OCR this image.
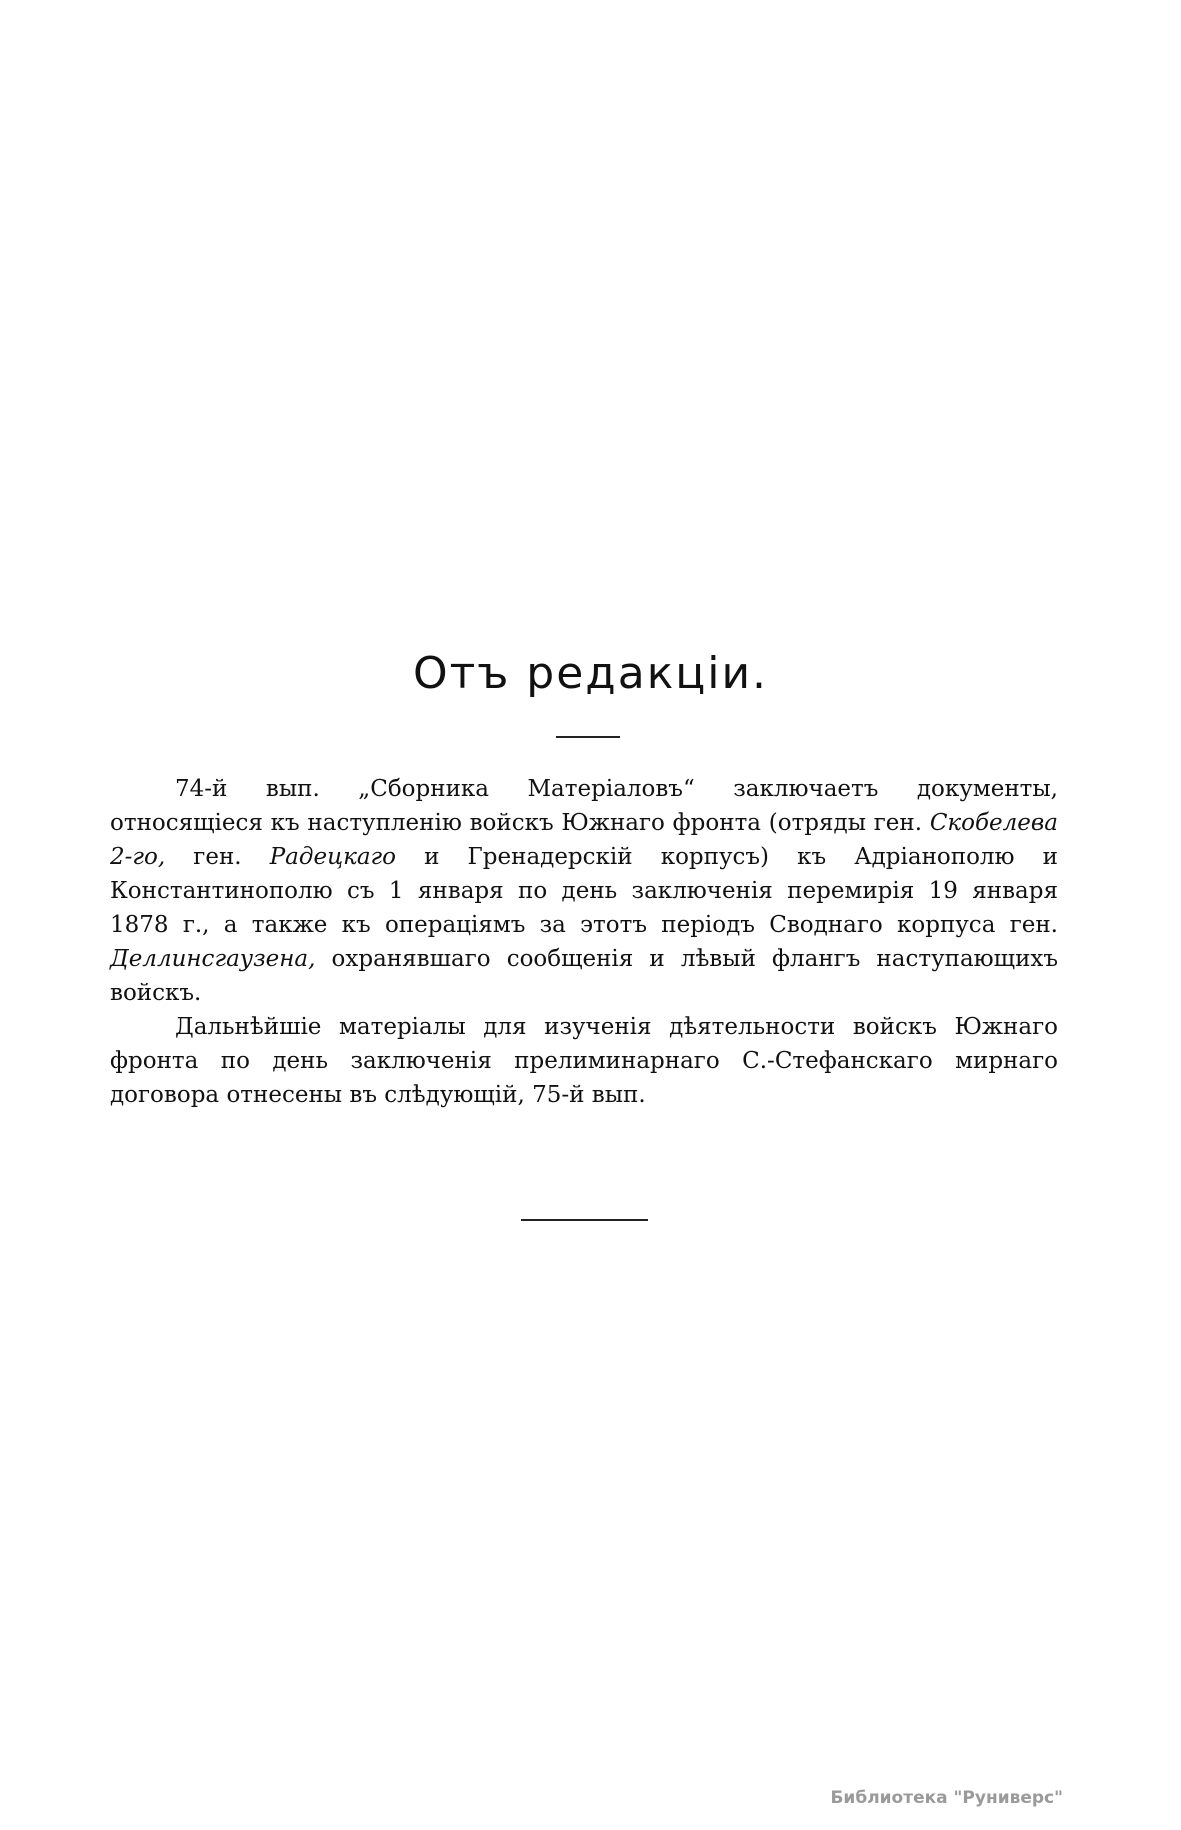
Отъ редакціи.

74-й вып. „Сборника Матеріаловъ“ заключаетъ документы, относящіеся къ наступленію войскъ Южнаго фронта (отряды ген. Скобелева 2-го, ген. Радецкаго и Гренадерскій корпусъ) къ Адріанополю и Константинополю съ 1 января по день заключенія перемирія 19 января 1878 г., а также къ операціямъ за этотъ періодъ Своднаго корпуса ген. Деллинсгаузена, охранявшаго сообщенія и лѣвый флангъ наступающихъ войскъ.

Дальнѣйшіе матеріалы для изученія дѣятельности войскъ Южнаго фронта по день заключенія прелиминарнаго С.-Стефанскаго мирнаго договора отнесены въ слѣдующій, 75-й вып.

Библиотека "Руниверс"
